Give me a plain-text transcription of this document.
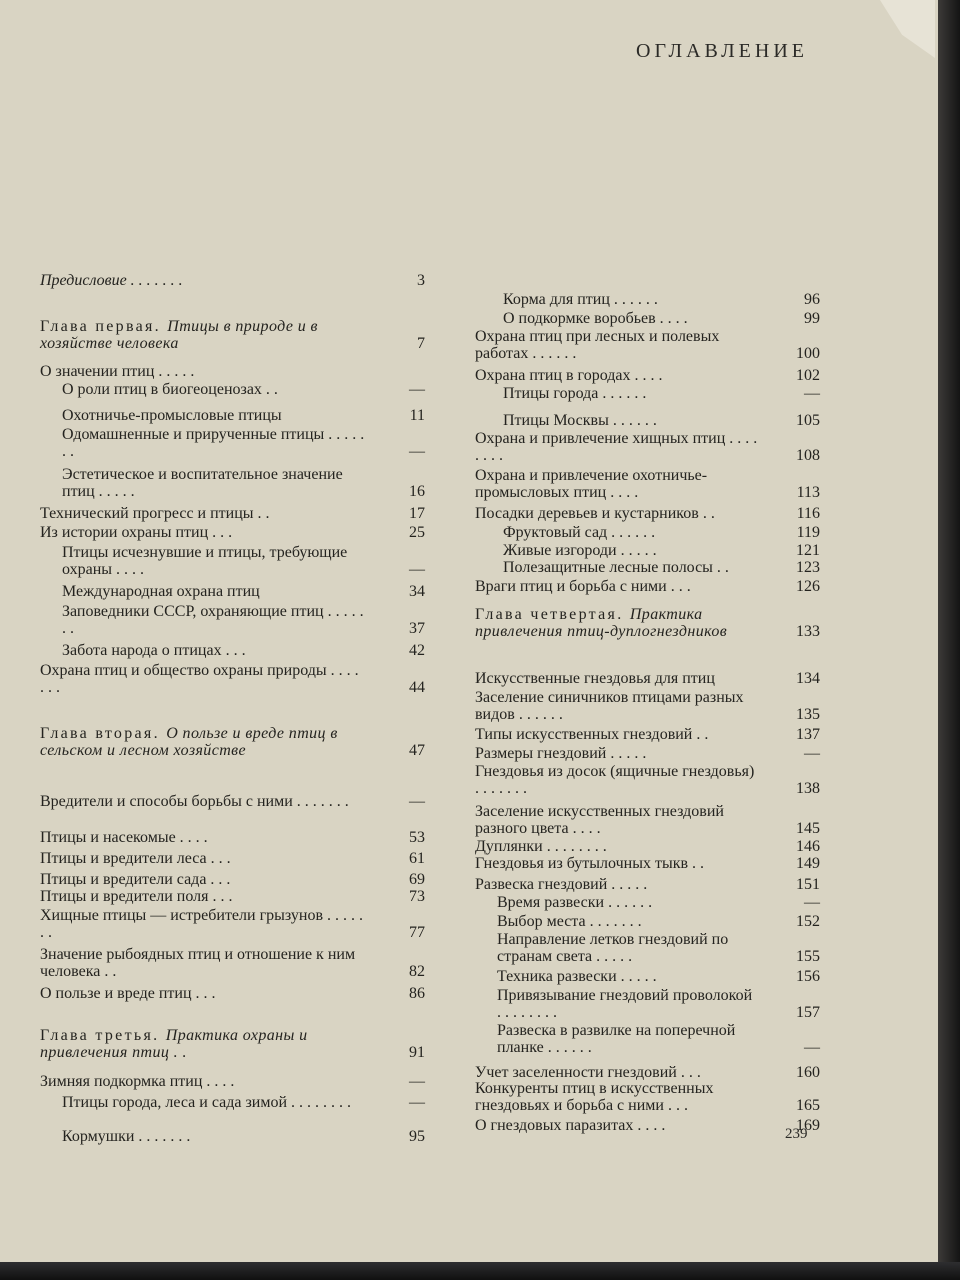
ОГЛАВЛЕНИЕ
Предисловие . . . . . . .	3
Глава первая. Птицы в природе и в хозяйстве человека	7
О значении птиц . . . . .
О роли птиц в биогеоценозах . .	—
Охотничье-промысловые птицы	11
Одомашненные и прирученные птицы . . . . . . .	—
Эстетическое и воспитательное значение птиц . . . . .	16
Технический прогресс и птицы . .	17
Из истории охраны птиц . . .	25
Птицы исчезнувшие и птицы, требующие охраны . . . .	—
Международная охрана птиц	34
Заповедники СССР, охраняющие птиц . . . . . . .	37
Забота народа о птицах . . .	42
Охрана птиц и общество охраны природы . . . . . . .	44
Глава вторая. О пользе и вреде птиц в сельском и лесном хозяйстве	47
Вредители и способы борьбы с ними . . . . . . .	—
Птицы и насекомые . . . .	53
Птицы и вредители леса . . .	61
Птицы и вредители сада . . .	69
Птицы и вредители поля . . .	73
Хищные птицы — истребители грызунов . . . . . . .	77
Значение рыбоядных птиц и отношение к ним человека . .	82
О пользе и вреде птиц . . .	86
Глава третья. Практика охраны и привлечения птиц . .	91
Зимняя подкормка птиц . . . .	—
Птицы города, леса и сада зимой . . . . . . . .	—
Кормушки . . . . . . .	95
Корма для птиц . . . . . .	96
О подкормке воробьев . . . .	99
Охрана птиц при лесных и полевых работах . . . . . .	100
Охрана птиц в городах . . . .	102
Птицы города . . . . . .	—
Птицы Москвы . . . . . .	105
Охрана и привлечение хищных птиц . . . . . . . .	108
Охрана и привлечение охотничье-промысловых птиц . . . .	113
Посадки деревьев и кустарников . .	116
Фруктовый сад . . . . . .	119
Живые изгороди . . . . .	121
Полезащитные лесные полосы . .	123
Враги птиц и борьба с ними . . .	126
Глава четвертая. Практика привлечения птиц-дуплогнездников	133
Искусственные гнездовья для птиц	134
Заселение синичников птицами разных видов . . . . . .	135
Типы искусственных гнездовий . .	137
Размеры гнездовий . . . . .	—
Гнездовья из досок (ящичные гнездовья) . . . . . . .	138
Заселение искусственных гнездовий разного цвета . . . .	145
Дуплянки . . . . . . . .	146
Гнездовья из бутылочных тыкв . .	149
Развеска гнездовий . . . . .	151
Время развески . . . . . .	—
Выбор места . . . . . . .	152
Направление летков гнездовий по странам света . . . . .	155
Техника развески . . . . .	156
Привязывание гнездовий проволокой . . . . . . . .	157
Развеска в развилке на поперечной планке . . . . . .	—
Учет заселенности гнездовий . . .	160
Конкуренты птиц в искусственных гнездовьях и борьба с ними . . .	165
О гнездовых паразитах . . . .	169
239
